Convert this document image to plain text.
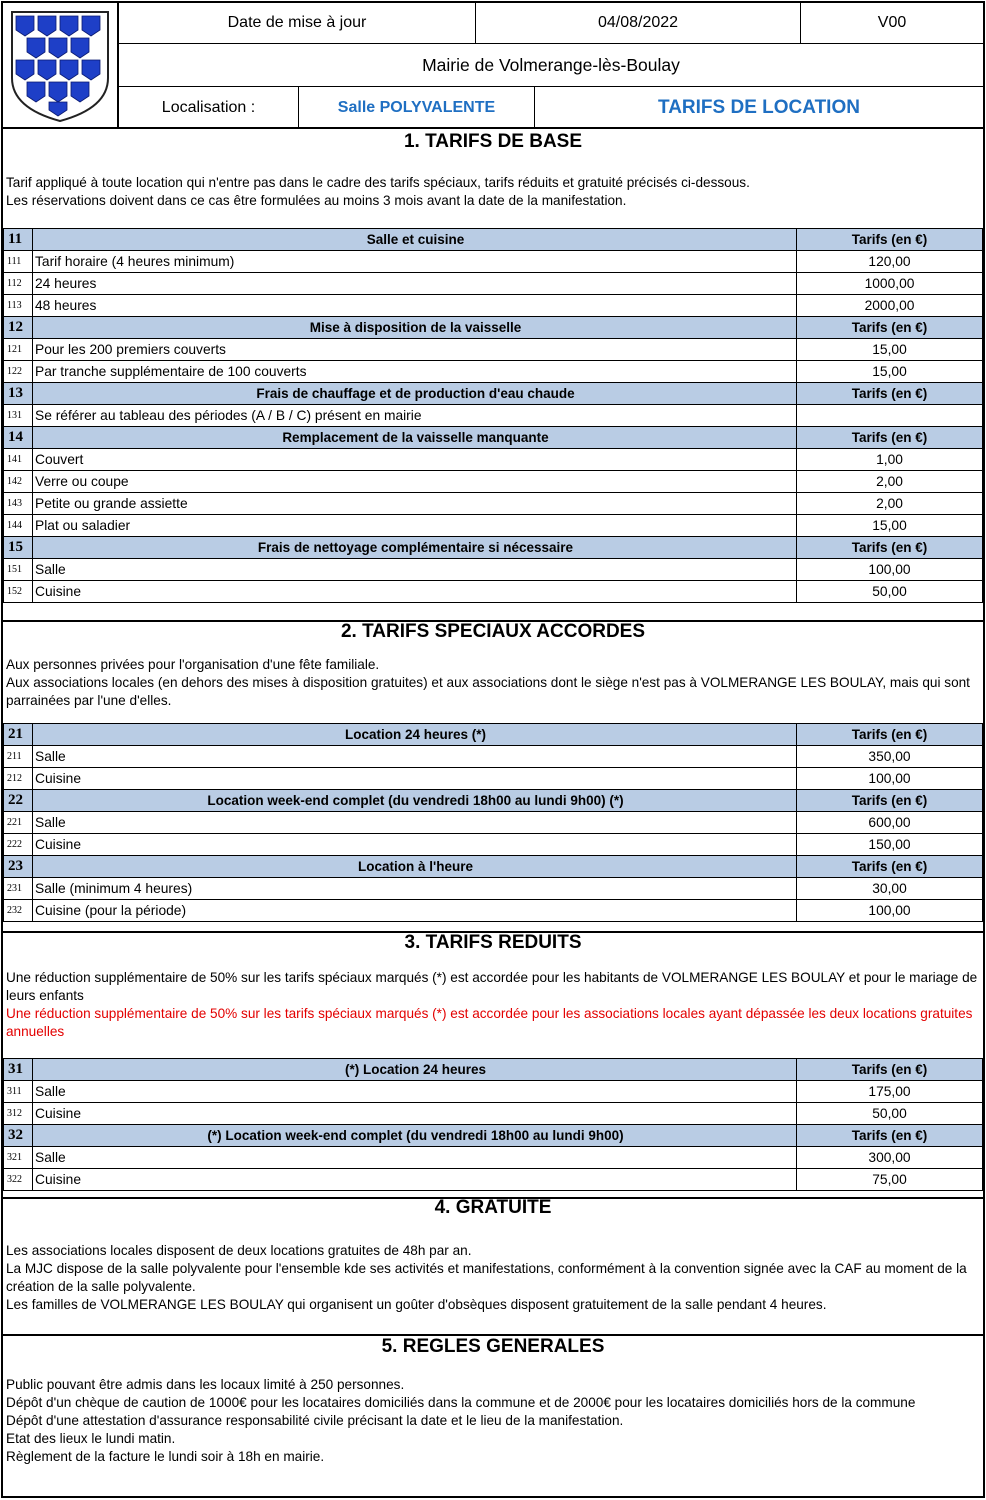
Date de mise à jour	04/08/2022	V00
Mairie de Volmerange-lès-Boulay
Localisation :	Salle POLYVALENTE	TARIFS DE LOCATION
1. TARIFS DE BASE
Tarif appliqué à toute location qui n'entre pas dans le cadre des tarifs spéciaux, tarifs réduits et gratuité précisés ci-dessous.
Les réservations doivent dans ce cas être formulées au moins 3 mois avant la date de la manifestation.
11	Salle et cuisine	Tarifs (en €)
111	Tarif horaire (4 heures minimum)	120,00
112	24 heures	1000,00
113	48 heures	2000,00
12	Mise à disposition de la vaisselle	Tarifs (en €)
121	Pour les 200 premiers couverts	15,00
122	Par tranche supplémentaire de 100 couverts	15,00
13	Frais de chauffage et de production d'eau chaude	Tarifs (en €)
131	Se référer au tableau des périodes (A / B / C) présent en mairie	
14	Remplacement de la vaisselle manquante	Tarifs (en €)
141	Couvert	1,00
142	Verre ou coupe	2,00
143	Petite ou grande assiette	2,00
144	Plat ou saladier	15,00
15	Frais de nettoyage complémentaire si nécessaire	Tarifs (en €)
151	Salle	100,00
152	Cuisine	50,00
2. TARIFS SPECIAUX ACCORDES
Aux personnes privées pour l'organisation d'une fête familiale.
Aux associations locales (en dehors des mises à disposition gratuites) et aux associations dont le siège n'est pas à VOLMERANGE LES BOULAY, mais qui sont parrainées par l'une d'elles.
21	Location 24 heures (*)	Tarifs (en €)
211	Salle	350,00
212	Cuisine	100,00
22	Location week-end complet (du vendredi 18h00 au lundi 9h00) (*)	Tarifs (en €)
221	Salle	600,00
222	Cuisine	150,00
23	Location à l'heure	Tarifs (en €)
231	Salle (minimum 4 heures)	30,00
232	Cuisine (pour la période)	100,00
3. TARIFS REDUITS
Une réduction supplémentaire de 50% sur les tarifs spéciaux marqués (*) est accordée pour les habitants de VOLMERANGE LES BOULAY et pour le mariage de leurs enfants
Une réduction supplémentaire de 50% sur les tarifs spéciaux marqués (*) est accordée pour les associations locales ayant dépassée les deux locations gratuites annuelles
31	(*) Location 24 heures	Tarifs (en €)
311	Salle	175,00
312	Cuisine	50,00
32	(*) Location week-end complet (du vendredi 18h00 au lundi 9h00)	Tarifs (en €)
321	Salle	300,00
322	Cuisine	75,00
4. GRATUITE
Les associations locales disposent de deux locations gratuites de 48h par an.
La MJC dispose de la salle polyvalente pour l'ensemble kde ses activités et manifestations, conformément à la convention signée avec la CAF au moment de la création de la salle polyvalente.
Les familles de VOLMERANGE LES BOULAY qui organisent un goûter d'obsèques disposent gratuitement de la salle pendant 4 heures.
5. REGLES GENERALES
Public pouvant être admis dans les locaux limité à 250 personnes.
Dépôt d'un chèque de caution de 1000€ pour les locataires domiciliés dans la commune et de 2000€ pour les locataires domiciliés hors de la commune
Dépôt d'une attestation d'assurance responsabilité civile précisant la date et le lieu de la manifestation.
Etat des lieux le lundi matin.
Règlement de la facture le lundi soir à 18h en mairie.
